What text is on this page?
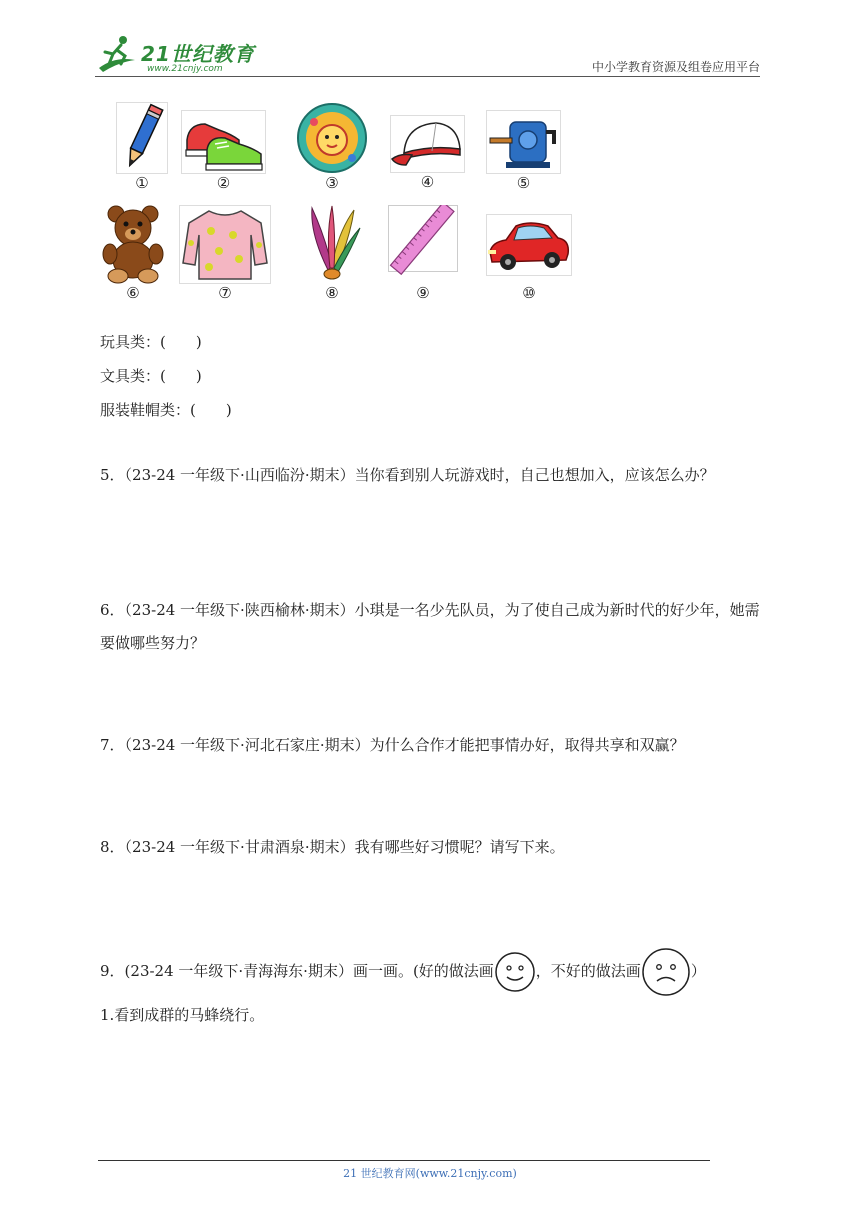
21世纪教育
www.21cnjy.com	中小学教育资源及组卷应用平台
①	②	③	④	⑤
⑥	⑦	⑧	⑨	⑩
玩具类：(　　)
文具类：(　　)
服装鞋帽类：(　　)
5．（23-24 一年级下·山西临汾·期末）当你看到别人玩游戏时，自己也想加入，应该怎么办？
6．（23-24 一年级下·陕西榆林·期末）小琪是一名少先队员，为了使自己成为新时代的好少年，她需要做哪些努力？
7．（23-24 一年级下·河北石家庄·期末）为什么合作才能把事情办好，取得共享和双赢？
8．（23-24 一年级下·甘肃酒泉·期末）我有哪些好习惯呢？请写下来。
9．(23-24 一年级下·青海海东·期末）画一画。(好的做法画	，不好的做法画	）
1.看到成群的马蜂绕行。
21 世纪教育网(www.21cnjy.com)
